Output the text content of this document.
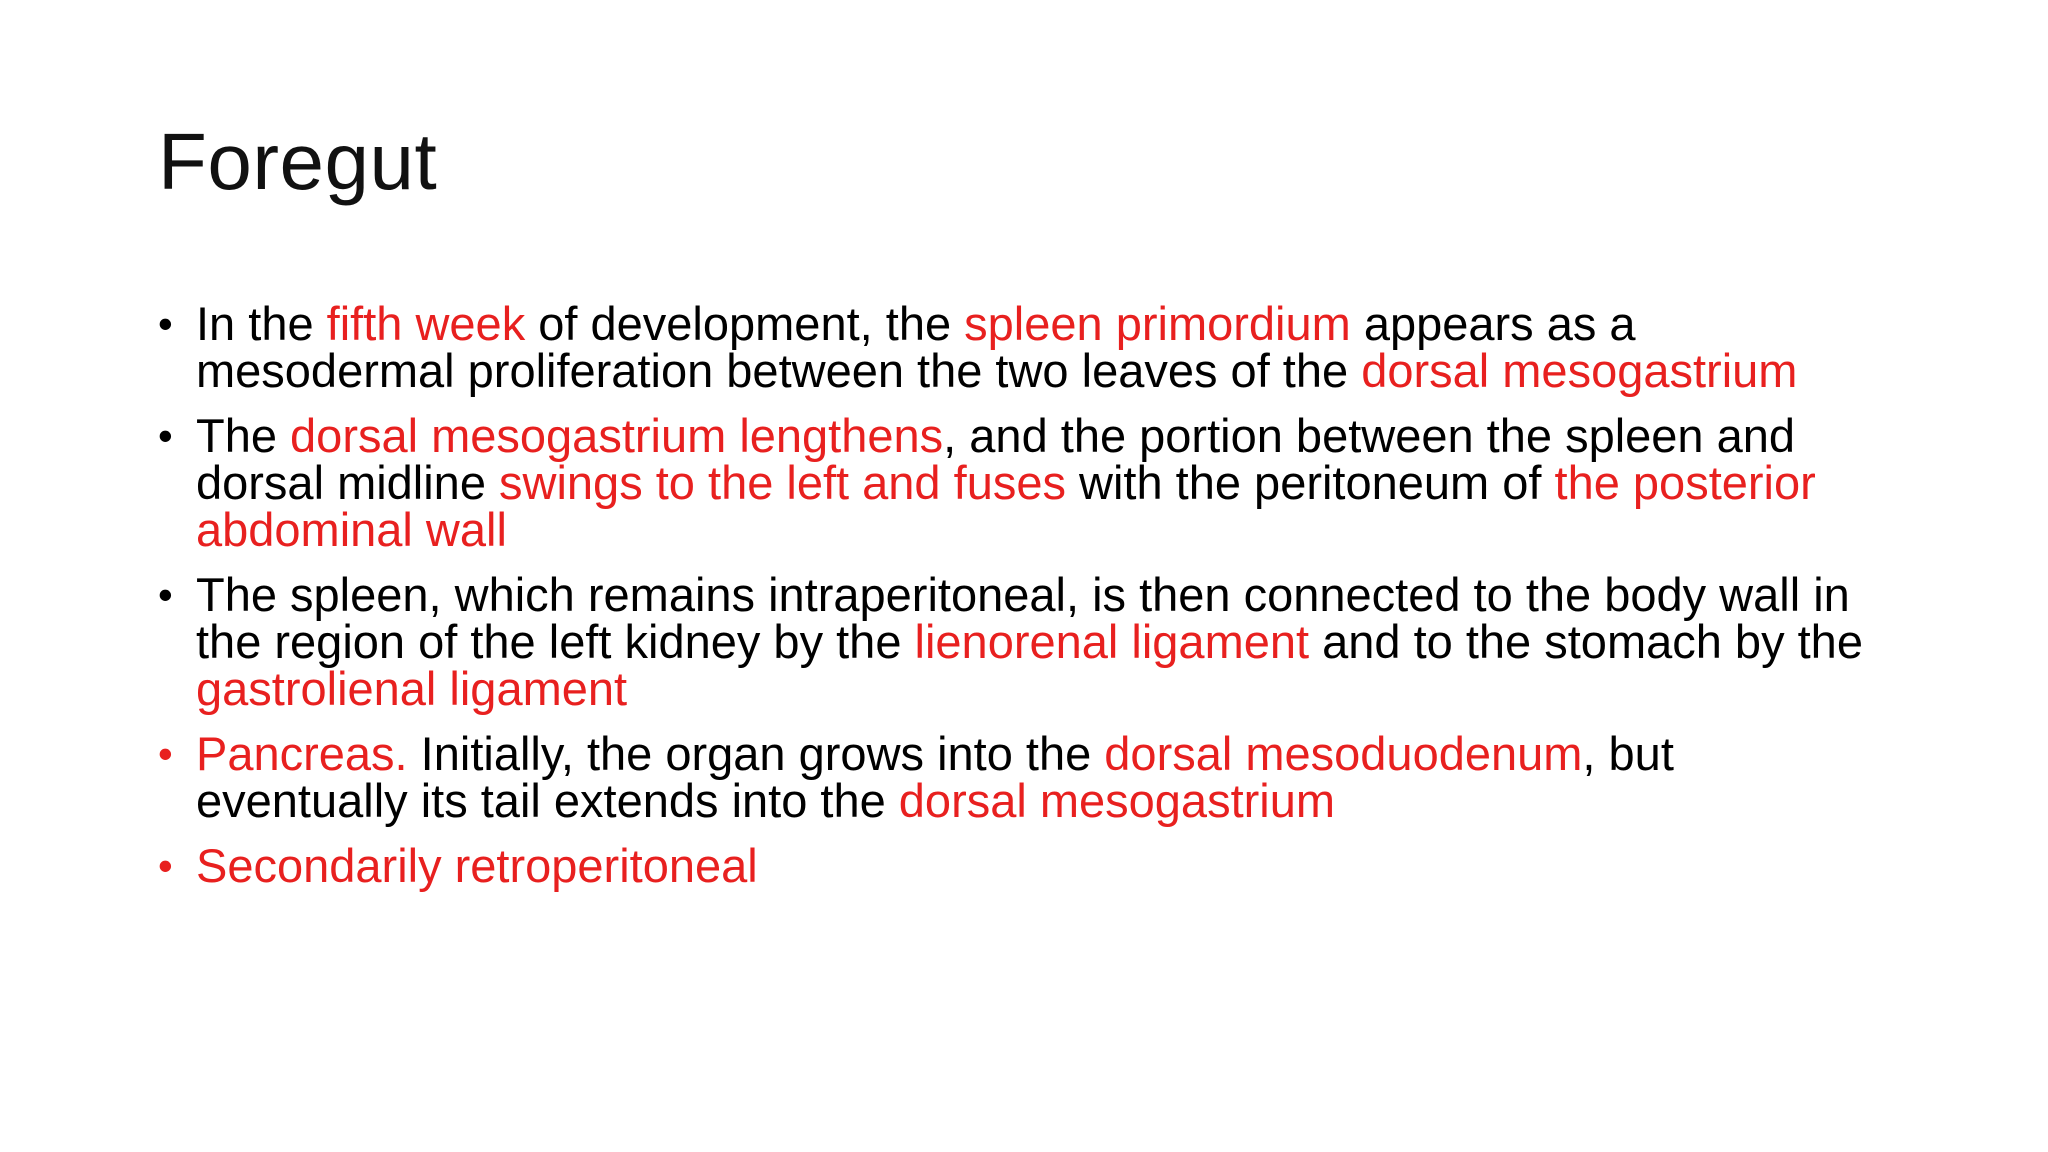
Foregut
• In the fifth week of development, the spleen primordium appears as a mesodermal proliferation between the two leaves of the dorsal mesogastrium
• The dorsal mesogastrium lengthens, and the portion between the spleen and dorsal midline swings to the left and fuses with the peritoneum of the posterior abdominal wall
• The spleen, which remains intraperitoneal, is then connected to the body wall in the region of the left kidney by the lienorenal ligament and to the stomach by the gastrolienal ligament
• Pancreas. Initially, the organ grows into the dorsal mesoduodenum, but eventually its tail extends into the dorsal mesogastrium
• Secondarily retroperitoneal
